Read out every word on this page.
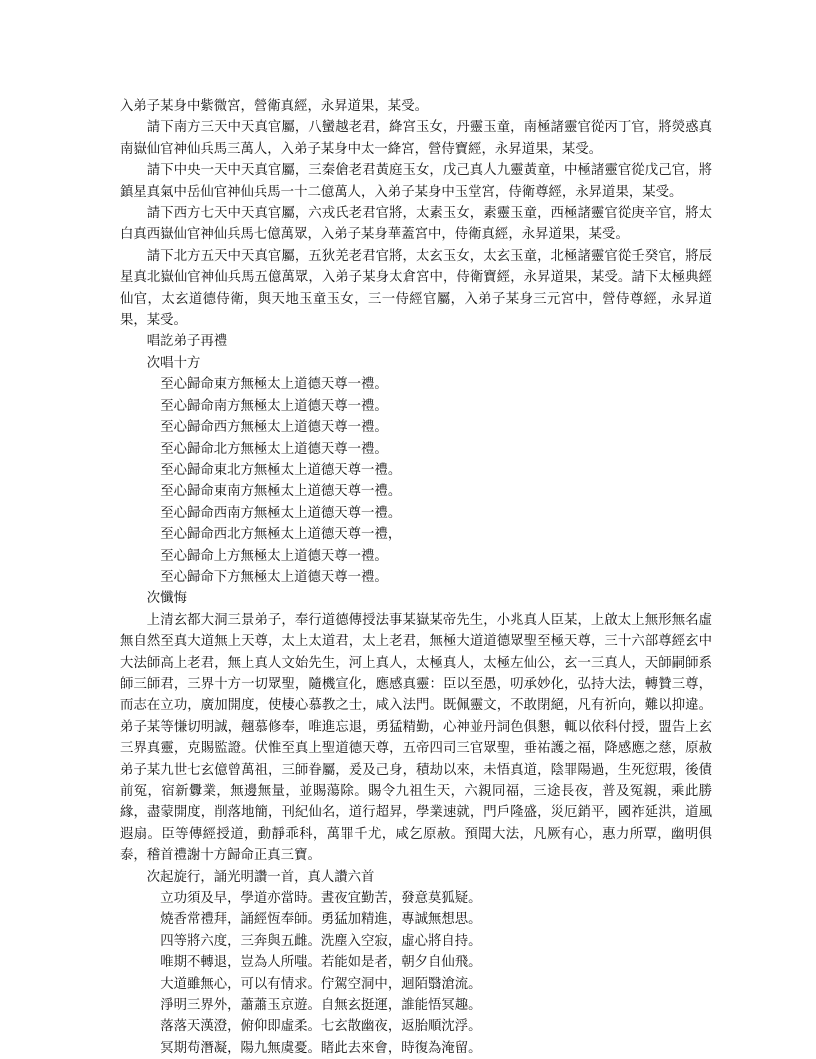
入弟子某身中紫微宮，營衛真經，永昇道果，某受。

請下南方三天中天真官屬，八蠻越老君，絳宮玉女，丹靈玉童，南極諸靈官從丙丁官，將熒惑真南嶽仙官神仙兵馬三萬人，入弟子某身中太一絳宮，營侍寶經，永昇道果，某受。

請下中央一天中天真官屬，三秦傖老君黃庭玉女，戊己真人九靈黃童，中極諸靈官從戊己官，將鎮星真氣中岳仙官神仙兵馬一十二億萬人，入弟子某身中玉堂宮，侍衛尊經，永昇道果，某受。

請下西方七天中天真官屬，六戎氏老君官將，太素玉女，素靈玉童，西極諸靈官從庚辛官，將太白真西嶽仙官神仙兵馬七億萬眾，入弟子某身華蓋宮中，侍衛真經，永昇道果，某受。

請下北方五天中天真官屬，五狄羌老君官將，太玄玉女，太玄玉童，北極諸靈官從壬癸官，將辰星真北嶽仙官神仙兵馬五億萬眾，入弟子某身太倉宮中，侍衛寶經，永昇道果，某受。請下太極典經仙官，太玄道德侍衛，與天地玉童玉女，三一侍經官屬，入弟子某身三元宮中，營侍尊經，永昇道果，某受。

唱訖弟子再禮

次唱十方

至心歸命東方無極太上道德天尊一禮。

至心歸命南方無極太上道德天尊一禮。

至心歸命西方無極太上道德天尊一禮。

至心歸命北方無極太上道德天尊一禮。

至心歸命東北方無極太上道德天尊一禮。

至心歸命東南方無極太上道德天尊一禮。

至心歸命西南方無極太上道德天尊一禮。

至心歸命西北方無極太上道德天尊一禮，

至心歸命上方無極太上道德天尊一禮。

至心歸命下方無極太上道德天尊一禮。

次懺悔

上清玄都大洞三景弟子，奉行道德傳授法事某嶽某帝先生，小兆真人臣某，上啟太上無形無名虛無自然至真大道無上天尊，太上太道君，太上老君，無極大道道德眾聖至極天尊，三十六部尊經玄中大法師高上老君，無上真人文始先生，河上真人，太極真人，太極左仙公，玄一三真人，天師嗣師系師三師君，三界十方一切眾聖，隨機宣化，應感真靈：臣以至愚，叨承妙化，弘持大法，轉贊三尊，而志在立功，廣加開度，使棲心慕教之士，咸入法門。既佩靈文，不敢閉絕，凡有祈向，難以抑違。弟子某等慊切明誠，翹慕修奉，唯進忘退，勇猛精勤，心神並丹詞色俱懇，輒以依科付授，盟告上玄三界真靈，克賜監證。伏惟至真上聖道德天尊，五帝四司三官眾聖，垂祐護之福，降感應之慈，原赦弟子某九世七玄億曾萬祖，三師眷屬，爰及己身，積劫以來，未悟真道，陰罪陽過，生死愆瑕，後債前冤，宿新釁業，無邊無量，並賜蕩除。賜令九祖生天，六親同福，三途長夜，普及冤親，乘此勝緣，盡蒙開度，削落地簡，刊紀仙名，道行超昇，學業速就，門戶隆盛，災厄銷平，國祚延洪，道風遐扇。臣等傳經授道，動靜乖科，萬罪千尤，咸乞原赦。預聞大法，凡厥有心，惠力所覃，幽明俱泰，稽首禮謝十方歸命正真三寶。

次起旋行，誦光明讚一首，真人讚六首

立功須及早，學道亦當時。晝夜宜勤苦，發意莫狐疑。

燒香常禮拜，誦經恆奉師。勇猛加精進，專誠無想思。

四等將六度，三奔與五雌。洗塵入空寂，虛心將自持。

唯期不轉退，豈為人所嗤。若能如是者，朝夕自仙飛。

大道雖無心，可以有情求。佇駕空洞中，迴陌翳滄流。

淨明三界外，蕭蕭玉京遊。自無玄挺運，誰能悟冥趣。

落落天漢澄，俯仰即虛柔。七玄散幽夜，返胎順沈浮。

冥期苟潛凝，陽九無虞憂。睹此去來會，時復為淹留。
